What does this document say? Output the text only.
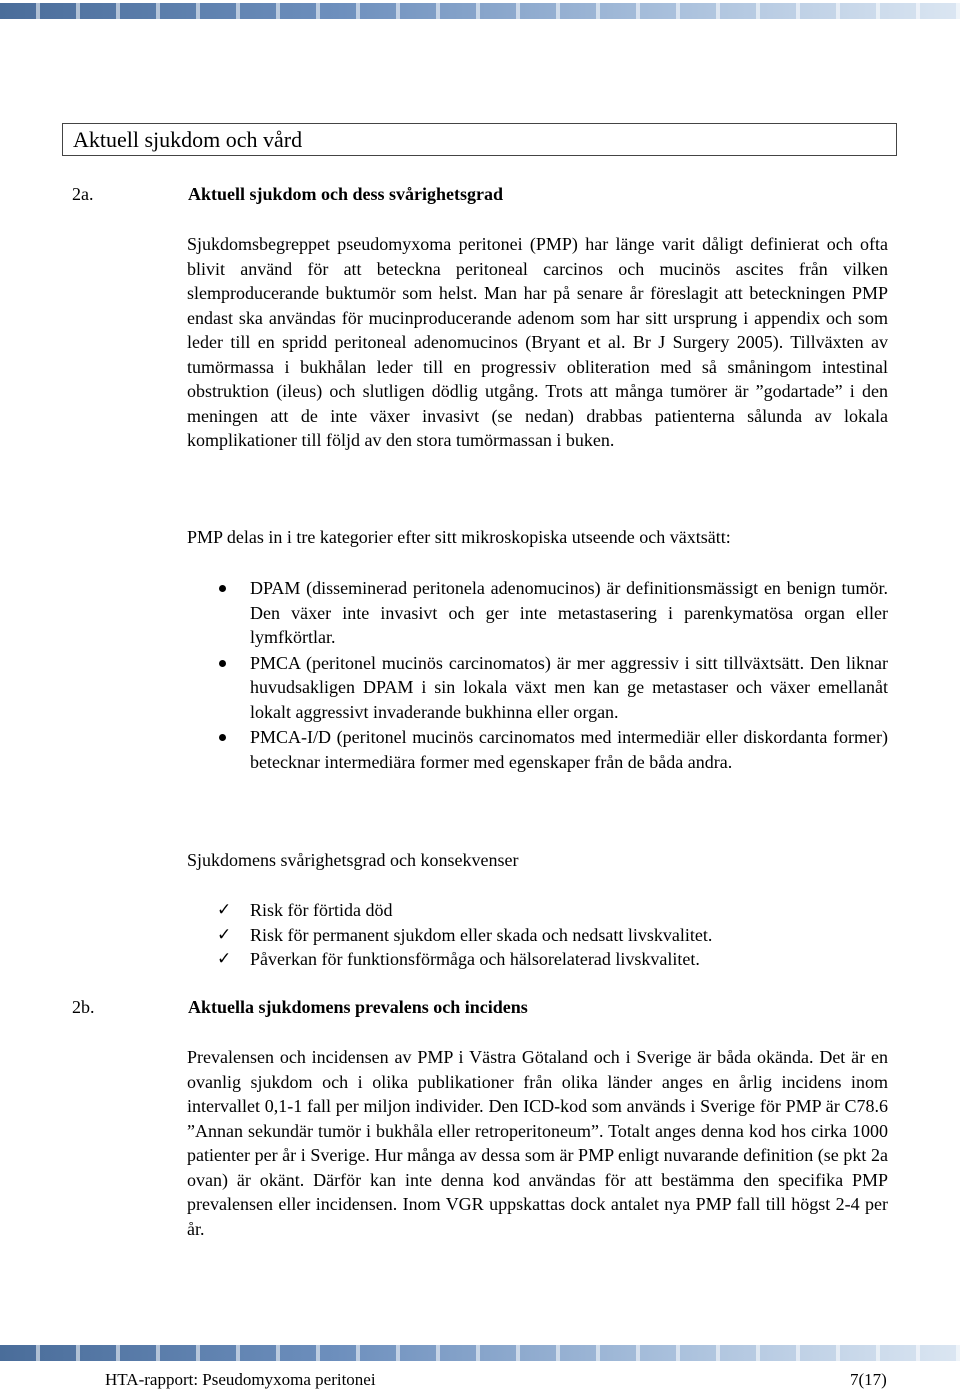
Aktuell sjukdom och vård
2a.	Aktuell sjukdom och dess svårighetsgrad

Sjukdomsbegreppet pseudomyxoma peritonei (PMP) har länge varit dåligt definierat och ofta blivit använd för att beteckna peritoneal carcinos och mucinös ascites från vilken slemproducerande buktumör som helst. Man har på senare år föreslagit att beteckningen PMP endast ska användas för mucinproducerande adenom som har sitt ursprung i appendix och som leder till en spridd peritoneal adenomucinos (Bryant et al. Br J Surgery 2005). Tillväxten av tumörmassa i bukhålan leder till en progressiv obliteration med så småningom intestinal obstruktion (ileus) och slutligen dödlig utgång. Trots att många tumörer är ”godartade” i den meningen att de inte växer invasivt (se nedan) drabbas patienterna sålunda av lokala komplikationer till följd av den stora tumörmassan i buken.

PMP delas in i tre kategorier efter sitt mikroskopiska utseende och växtsätt:

DPAM (disseminerad peritonela adenomucinos) är definitionsmässigt en benign tumör. Den växer inte invasivt och ger inte metastasering i parenkymatösa organ eller lymfkörtlar.
PMCA (peritonel mucinös carcinomatos) är mer aggressiv i sitt tillväxtsätt. Den liknar huvudsakligen DPAM i sin lokala växt men kan ge metastaser och växer emellanåt lokalt aggressivt invaderande bukhinna eller organ.
PMCA-I/D (peritonel mucinös carcinomatos med intermediär eller diskordanta former) betecknar intermediära former med egenskaper från de båda andra.

Sjukdomens svårighetsgrad och konsekvenser

✓ Risk för förtida död
✓ Risk för permanent sjukdom eller skada och nedsatt livskvalitet.
✓ Påverkan för funktionsförmåga och hälsorelaterad livskvalitet.
2b.	Aktuella sjukdomens prevalens och incidens

Prevalensen och incidensen av PMP i Västra Götaland och i Sverige är båda okända. Det är en ovanlig sjukdom och i olika publikationer från olika länder anges en årlig incidens inom intervallet 0,1-1 fall per miljon individer. Den ICD-kod som används i Sverige för PMP är C78.6 ”Annan sekundär tumör i bukhåla eller retroperitoneum”. Totalt anges denna kod hos cirka 1000 patienter per år i Sverige. Hur många av dessa som är PMP enligt nuvarande definition (se pkt 2a ovan) är okänt. Därför kan inte denna kod användas för att bestämma den specifika PMP prevalensen eller incidensen. Inom VGR uppskattas dock antalet nya PMP fall till högst 2-4 per år.

HTA-rapport: Pseudomyxoma peritonei	7(17)
